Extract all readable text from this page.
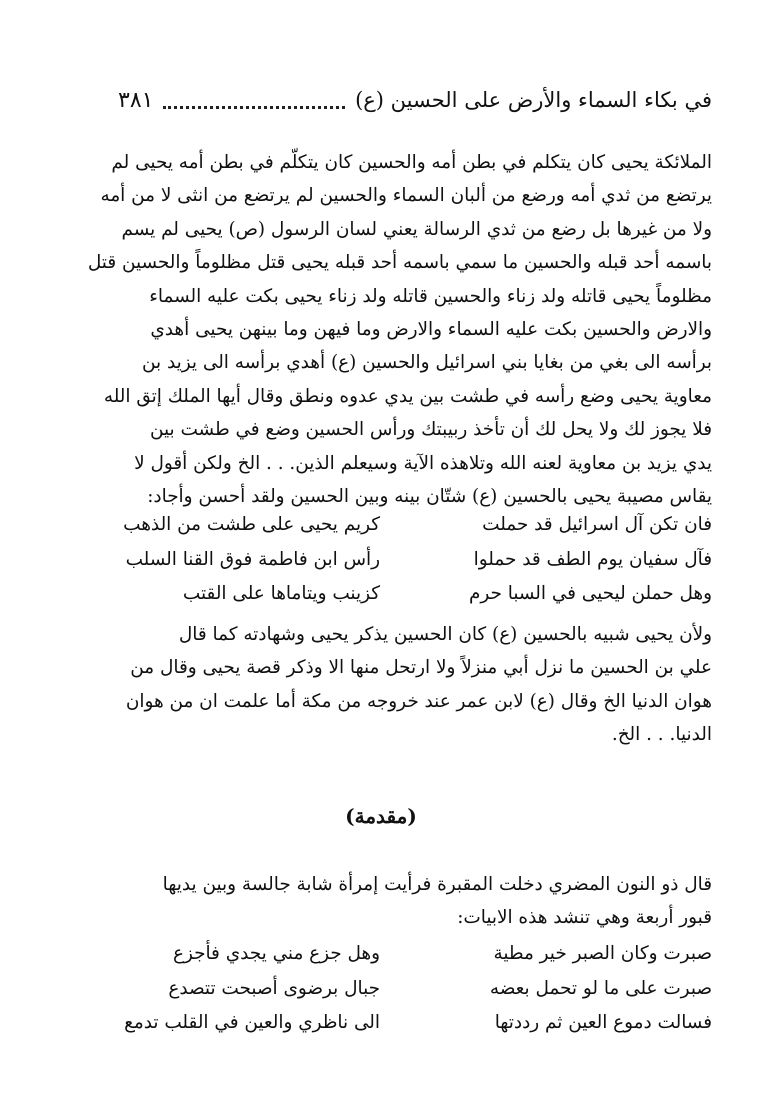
في بكاء السماء والأرض على الحسين (ع)
٣٨١
الملائكة يحيى كان يتكلم في بطن أمه والحسين كان يتكلّم في بطن أمه يحيى لم
يرتضع من ثدي أمه ورضع من ألبان السماء والحسين لم يرتضع من انثى لا من أمه
ولا من غيرها بل رضع من ثدي الرسالة يعني لسان الرسول (ص) يحيى لم يسم
باسمه أحد قبله والحسين ما سمي باسمه أحد قبله يحيى قتل مظلوماً والحسين قتل
مظلوماً يحيى قاتله ولد زناء والحسين قاتله ولد زناء يحيى بكت عليه السماء
والارض والحسين بكت عليه السماء والارض وما فيهن وما بينهن يحيى أهدي
برأسه الى بغي من بغايا بني اسرائيل والحسين (ع) أهدي برأسه الى يزيد بن
معاوية يحيى وضع رأسه في طشت بين يدي عدوه ونطق وقال أيها الملك إتق الله
فلا يجوز لك ولا يحل لك أن تأخذ ربيبتك ورأس الحسين وضع في طشت بين
يدي يزيد بن معاوية لعنه الله وتلاهذه الآية وسيعلم الذين. . . الخ ولكن أقول لا
يقاس مصيبة يحيى بالحسين (ع) شتّان بينه وبين الحسين ولقد أحسن وأجاد:
فان تكن آل اسرائيل قد حملت
كريم يحيى على طشت من الذهب
فآل سفيان يوم الطف قد حملوا
رأس ابن فاطمة فوق القنا السلب
وهل حملن ليحيى في السبا حرم
كزينب ويتاماها على القتب
ولأن يحيى شبيه بالحسين (ع) كان الحسين يذكر يحيى وشهادته كما قال
علي بن الحسين ما نزل أبي منزلاً ولا ارتحل منها الا وذكر قصة يحيى وقال من
هوان الدنيا الخ وقال (ع) لابن عمر عند خروجه من مكة أما علمت ان من هوان
الدنيا. . . الخ.
(مقدمة)
قال ذو النون المضري دخلت المقبرة فرأيت إمرأة شابة جالسة وبين يديها
قبور أربعة وهي تنشد هذه الابيات:
صبرت وكان الصبر خير مطية
وهل جزع مني يجدي فأجزع
صبرت على ما لو تحمل بعضه
جبال برضوى أصبحت تتصدع
فسالت دموع العين ثم رددتها
الى ناظري والعين في القلب تدمع
